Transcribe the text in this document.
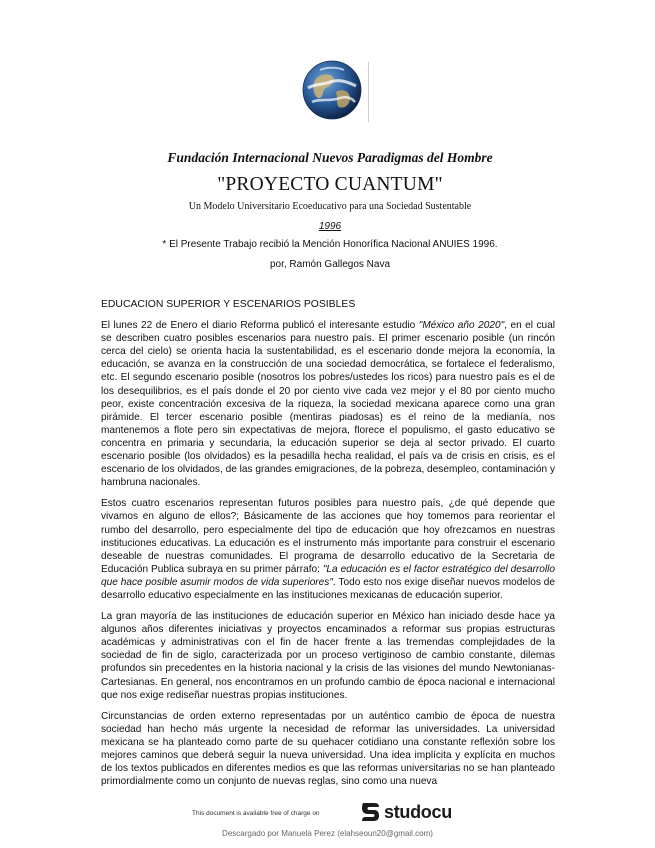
Fundación Internacional Nuevos Paradigmas del Hombre
"PROYECTO CUANTUM"
Un Modelo Universitario Ecoeducativo para una Sociedad Sustentable
1996
* El Presente Trabajo recibió la Mención Honorífica Nacional ANUIES 1996.
por, Ramón Gallegos Nava
EDUCACION SUPERIOR Y ESCENARIOS POSIBLES

El lunes 22 de Enero el diario Reforma publicó el interesante estudio "México año 2020", en el cual se describen cuatro posibles escenarios para nuestro país. El primer escenario posible (un rincón cerca del cielo) se orienta hacia la sustentabilidad, es el escenario donde mejora la economía, la educación, se avanza en la construcción de una sociedad democrática, se fortalece el federalismo, etc. El segundo escenario posible (nosotros los pobres/ustedes los ricos) para nuestro país es el de los desequilibrios, es el país donde el 20 por ciento vive cada vez mejor y el 80 por ciento mucho peor, existe concentración excesiva de la riqueza, la sociedad mexicana aparece como una gran pirámide. El tercer escenario posible (mentiras piadosas) es el reino de la medianía, nos mantenemos a flote pero sin expectativas de mejora, florece el populismo, el gasto educativo se concentra en primaria y secundaria, la educación superior se deja al sector privado. El cuarto escenario posible (los olvidados) es la pesadilla hecha realidad, el país va de crisis en crisis, es el escenario de los olvidados, de las grandes emigraciones, de la pobreza, desempleo, contaminación y hambruna nacionales.

Estos cuatro escenarios representan futuros posibles para nuestro país, ¿de qué depende que vivamos en alguno de ellos?; Básicamente de las acciones que hoy tomemos para reorientar el rumbo del desarrollo, pero especialmente del tipo de educación que hoy ofrezcamos en nuestras instituciones educativas. La educación es el instrumento más importante para construir el escenario deseable de nuestras comunidades. El programa de desarrollo educativo de la Secretaria de Educación Publica subraya en su primer párrafo: "La educación es el factor estratégico del desarrollo que hace posible asumir modos de vida superiores". Todo esto nos exige diseñar nuevos modelos de desarrollo educativo especialmente en las instituciones mexicanas de educación superior.

La gran mayoría de las instituciones de educación superior en México han iniciado desde hace ya algunos años diferentes iniciativas y proyectos encaminados a reformar sus propias estructuras académicas y administrativas con el fin de hacer frente a las tremendas complejidades de la sociedad de fin de siglo, caracterizada por un proceso vertiginoso de cambio constante, dilemas profundos sin precedentes en la historia nacional y la crisis de las visiones del mundo Newtonianas-Cartesianas. En general, nos encontramos en un profundo cambio de época nacional e internacional que nos exige rediseñar nuestras propias instituciones.

Circunstancias de orden externo representadas por un auténtico cambio de época de nuestra sociedad han hecho más urgente la necesidad de reformar las universidades. La universidad mexicana se ha planteado como parte de su quehacer cotidiano una constante reflexión sobre los mejores caminos que deberá seguir la nueva universidad. Una idea implícita y explícita en muchos de los textos publicados en diferentes medios es que las reformas universitarias no se han planteado primordialmente como un conjunto de nuevas reglas, sino como una nueva

This document is available free of charge on	studocu
Descargado por Manuela Perez (elahseoun20@gmail.com)
